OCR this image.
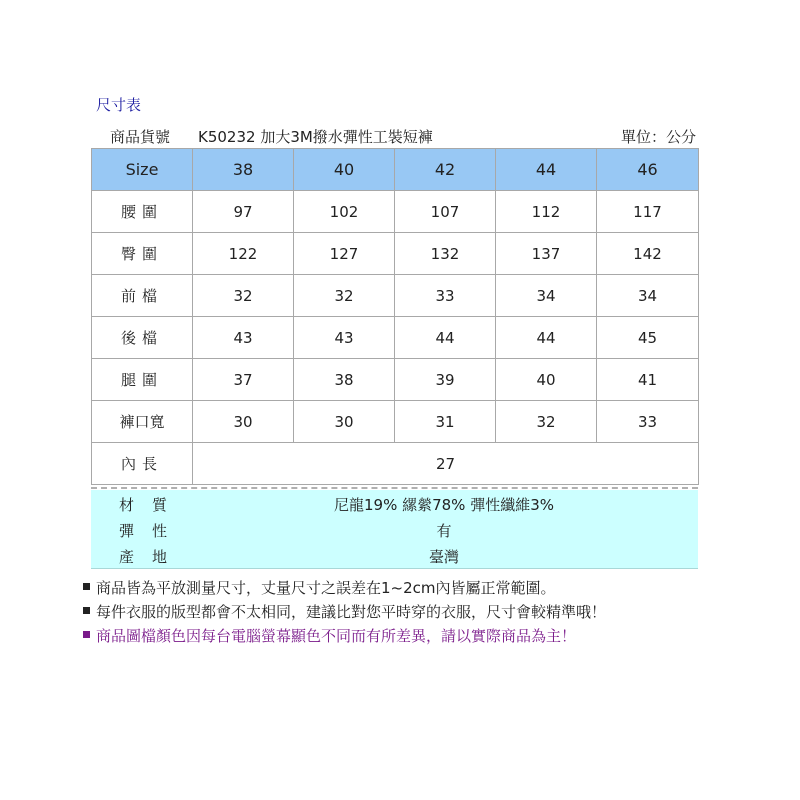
尺寸表
商品貨號 K50232 加大3M撥水彈性工裝短褲	單位：公分
Size	38	40	42	44	46
腰圍	97	102	107	112	117
臀圍	122	127	132	137	142
前檔	32	32	33	34	34
後檔	43	43	44	44	45
腿圍	37	38	39	40	41
褲口寬	30	30	31	32	33
內長	27				
材質	尼龍19% 縲縈78% 彈性纖維3%
彈性	有
產地	臺灣
商品皆為平放測量尺寸，丈量尺寸之誤差在1~2cm內皆屬正常範圍。
每件衣服的版型都會不太相同，建議比對您平時穿的衣服，尺寸會較精準哦！
商品圖檔顏色因每台電腦螢幕顯色不同而有所差異，請以實際商品為主！
